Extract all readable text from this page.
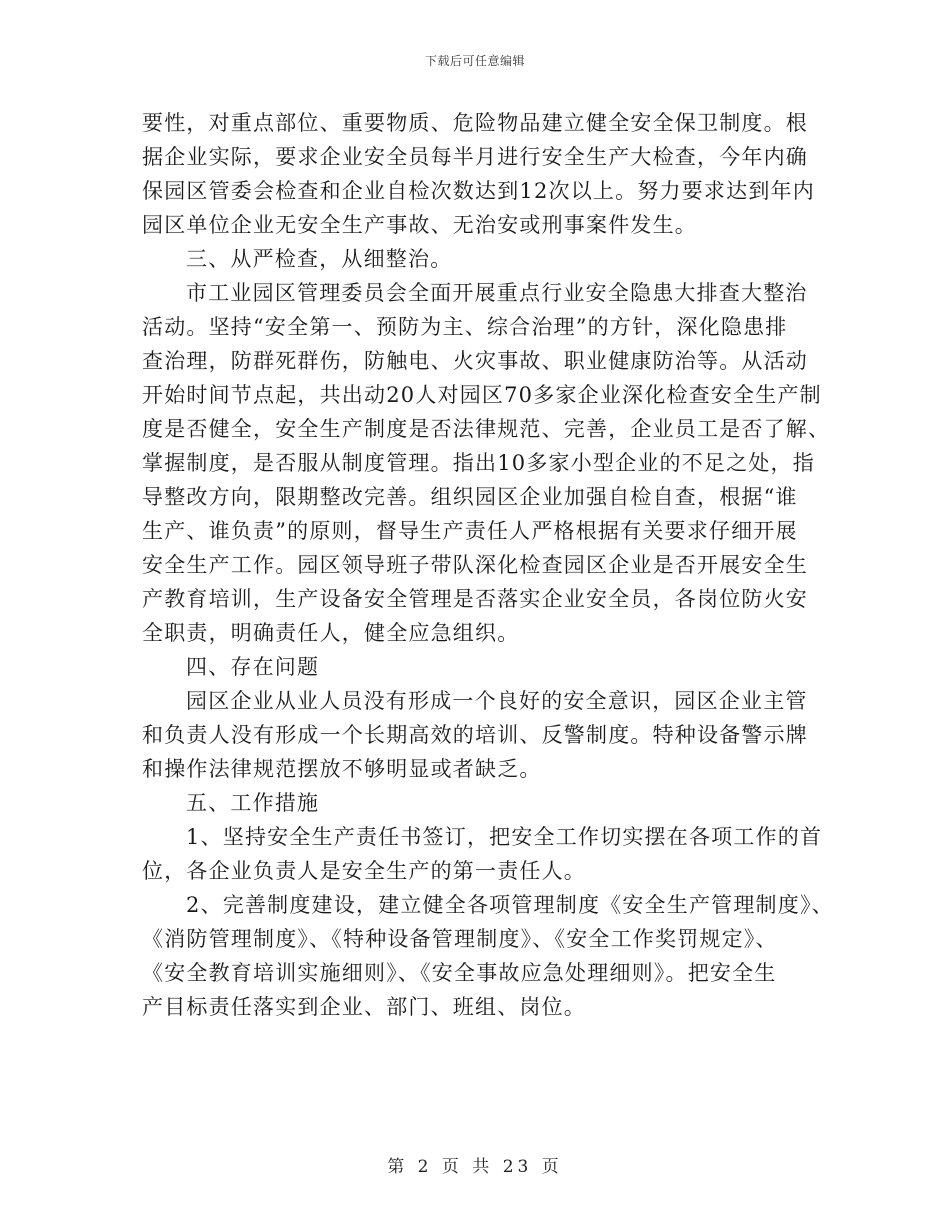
下载后可任意编辑
要性，对重点部位、重要物质、危险物品建立健全安全保卫制度。根
据企业实际，要求企业安全员每半月进行安全生产大检查，今年内确
保园区管委会检查和企业自检次数达到12次以上。努力要求达到年内
园区单位企业无安全生产事故、无治安或刑事案件发生。
三、从严检查，从细整治。
市工业园区管理委员会全面开展重点行业安全隐患大排查大整治
活动。坚持“安全第一、预防为主、综合治理”的方针，深化隐患排
查治理，防群死群伤，防触电、火灾事故、职业健康防治等。从活动
开始时间节点起，共出动20人对园区70多家企业深化检查安全生产制
度是否健全，安全生产制度是否法律规范、完善，企业员工是否了解、
掌握制度，是否服从制度管理。指出10多家小型企业的不足之处，指
导整改方向，限期整改完善。组织园区企业加强自检自查，根据“谁
生产、谁负责”的原则，督导生产责任人严格根据有关要求仔细开展
安全生产工作。园区领导班子带队深化检查园区企业是否开展安全生
产教育培训，生产设备安全管理是否落实企业安全员，各岗位防火安
全职责，明确责任人，健全应急组织。
四、存在问题
园区企业从业人员没有形成一个良好的安全意识，园区企业主管
和负责人没有形成一个长期高效的培训、反警制度。特种设备警示牌
和操作法律规范摆放不够明显或者缺乏。
五、工作措施
1、坚持安全生产责任书签订，把安全工作切实摆在各项工作的首
位，各企业负责人是安全生产的第一责任人。
2、完善制度建设，建立健全各项管理制度《安全生产管理制度》、
《消防管理制度》、《特种设备管理制度》、《安全工作奖罚规定》、
《安全教育培训实施细则》、《安全事故应急处理细则》。把安全生
产目标责任落实到企业、部门、班组、岗位。
第 2 页 共 23 页
